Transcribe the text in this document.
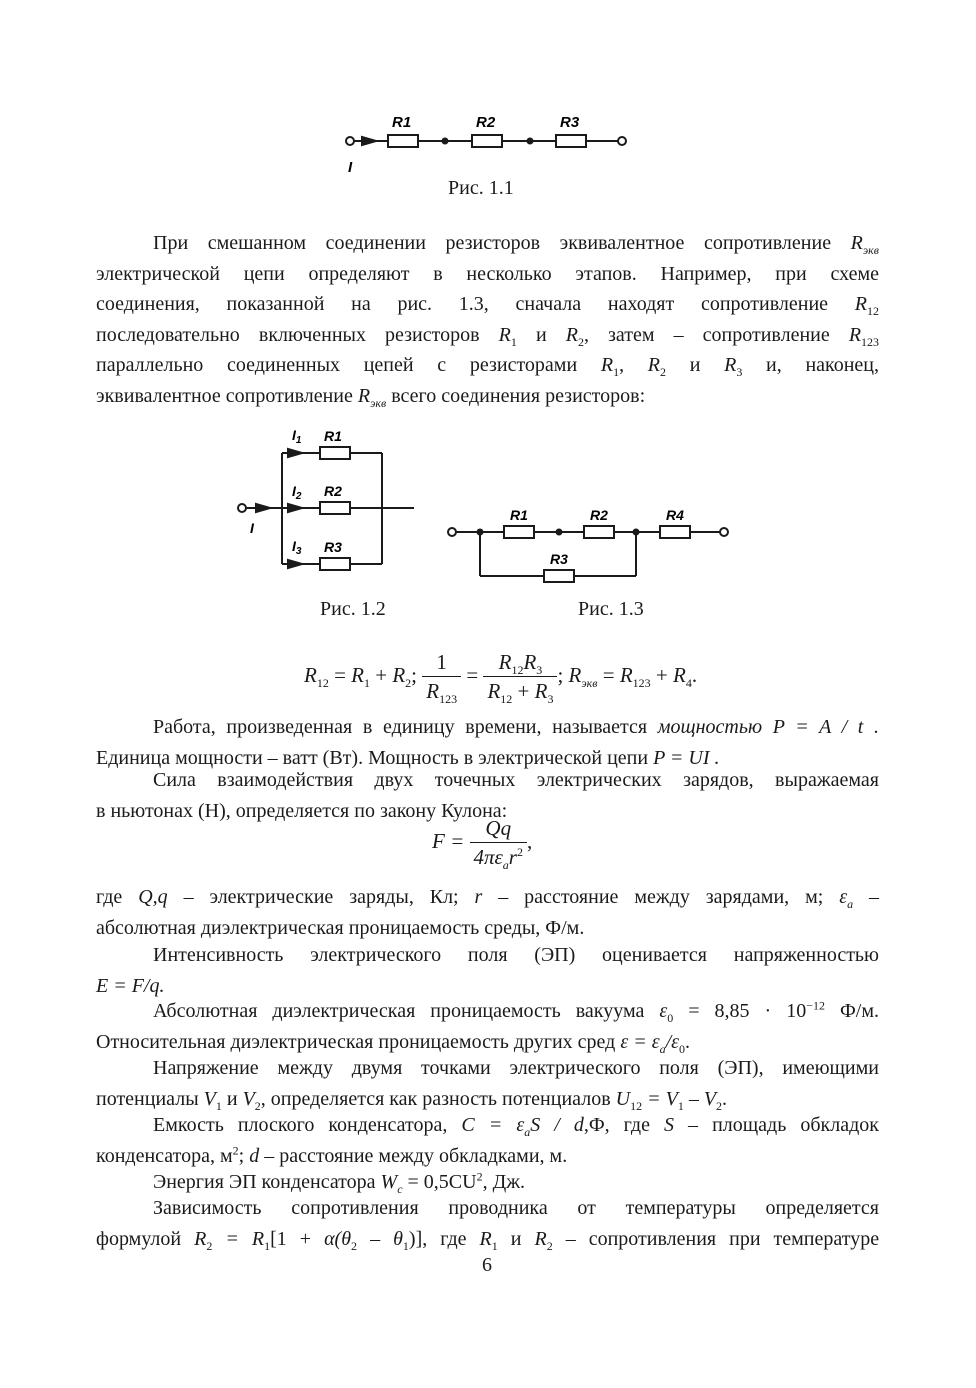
R1	R2	R3
I
Рис. 1.1
При смешанном соединении резисторов эквивалентное сопротивление $R_{экв}$
электрической цепи определяют в несколько этапов. Например, при схеме
соединения, показанной на рис. 1.3, сначала находят сопротивление $R_{12}$
последовательно включенных резисторов $R_1$ и $R_2$, затем – сопротивление $R_{123}$
параллельно соединенных цепей с резисторами $R_1$, $R_2$ и $R_3$ и, наконец,
эквивалентное сопротивление $R_{экв}$ всего соединения резисторов:
R1
R2
R3
$I_1$
$I_2$
$I_3$
I
Рис. 1.2
R1	R2	R4
R3
Рис. 1.3
$R_{12} = R_1 + R_2$; $\frac{1}{R_{123}} = \frac{R_{12}R_3}{R_{12} + R_3}$ ; $R_{экв} = R_{123} + R_4$.
Работа, произведенная в единицу времени, называется мощностью P = A / t .
Единица мощности – ватт (Вт). Мощность в электрической цепи P = UI .
Сила взаимодействия двух точечных электрических зарядов, выражаемая
в ньютонах (Н), определяется по закону Кулона:
$F = \frac{Qq}{4\pi\varepsilon_ar^2}$ ,
где Q,q – электрические заряды, Кл; r – расстояние между зарядами, м; $\varepsilon_a$ –
абсолютная диэлектрическая проницаемость среды, Ф/м.
Интенсивность электрического поля (ЭП) оценивается напряженностью
E = F/q.
Абсолютная диэлектрическая проницаемость вакуума $\varepsilon_0 = 8,85 \cdot 10^{-12}$ Ф/м.
Относительная диэлектрическая проницаемость других сред $\varepsilon = \varepsilon_a/\varepsilon_0$.
Напряжение между двумя точками электрического поля (ЭП), имеющими
потенциалы $V_1$ и $V_2$, определяется как разность потенциалов $U_{12} = V_1 - V_2$.
Емкость плоского конденсатора, $C = \varepsilon_aS / d,Ф$, где S – площадь обкладок
конденсатора, $м^2$; d – расстояние между обкладками, м.
Энергия ЭП конденсатора $W_c = 0,5CU^2$, Дж.
Зависимость сопротивления проводника от температуры определяется
формулой $R_2 = R_1[1 + \alpha(\theta_2 - \theta_1)]$, где $R_1$ и $R_2$ – сопротивления при температуре
6
